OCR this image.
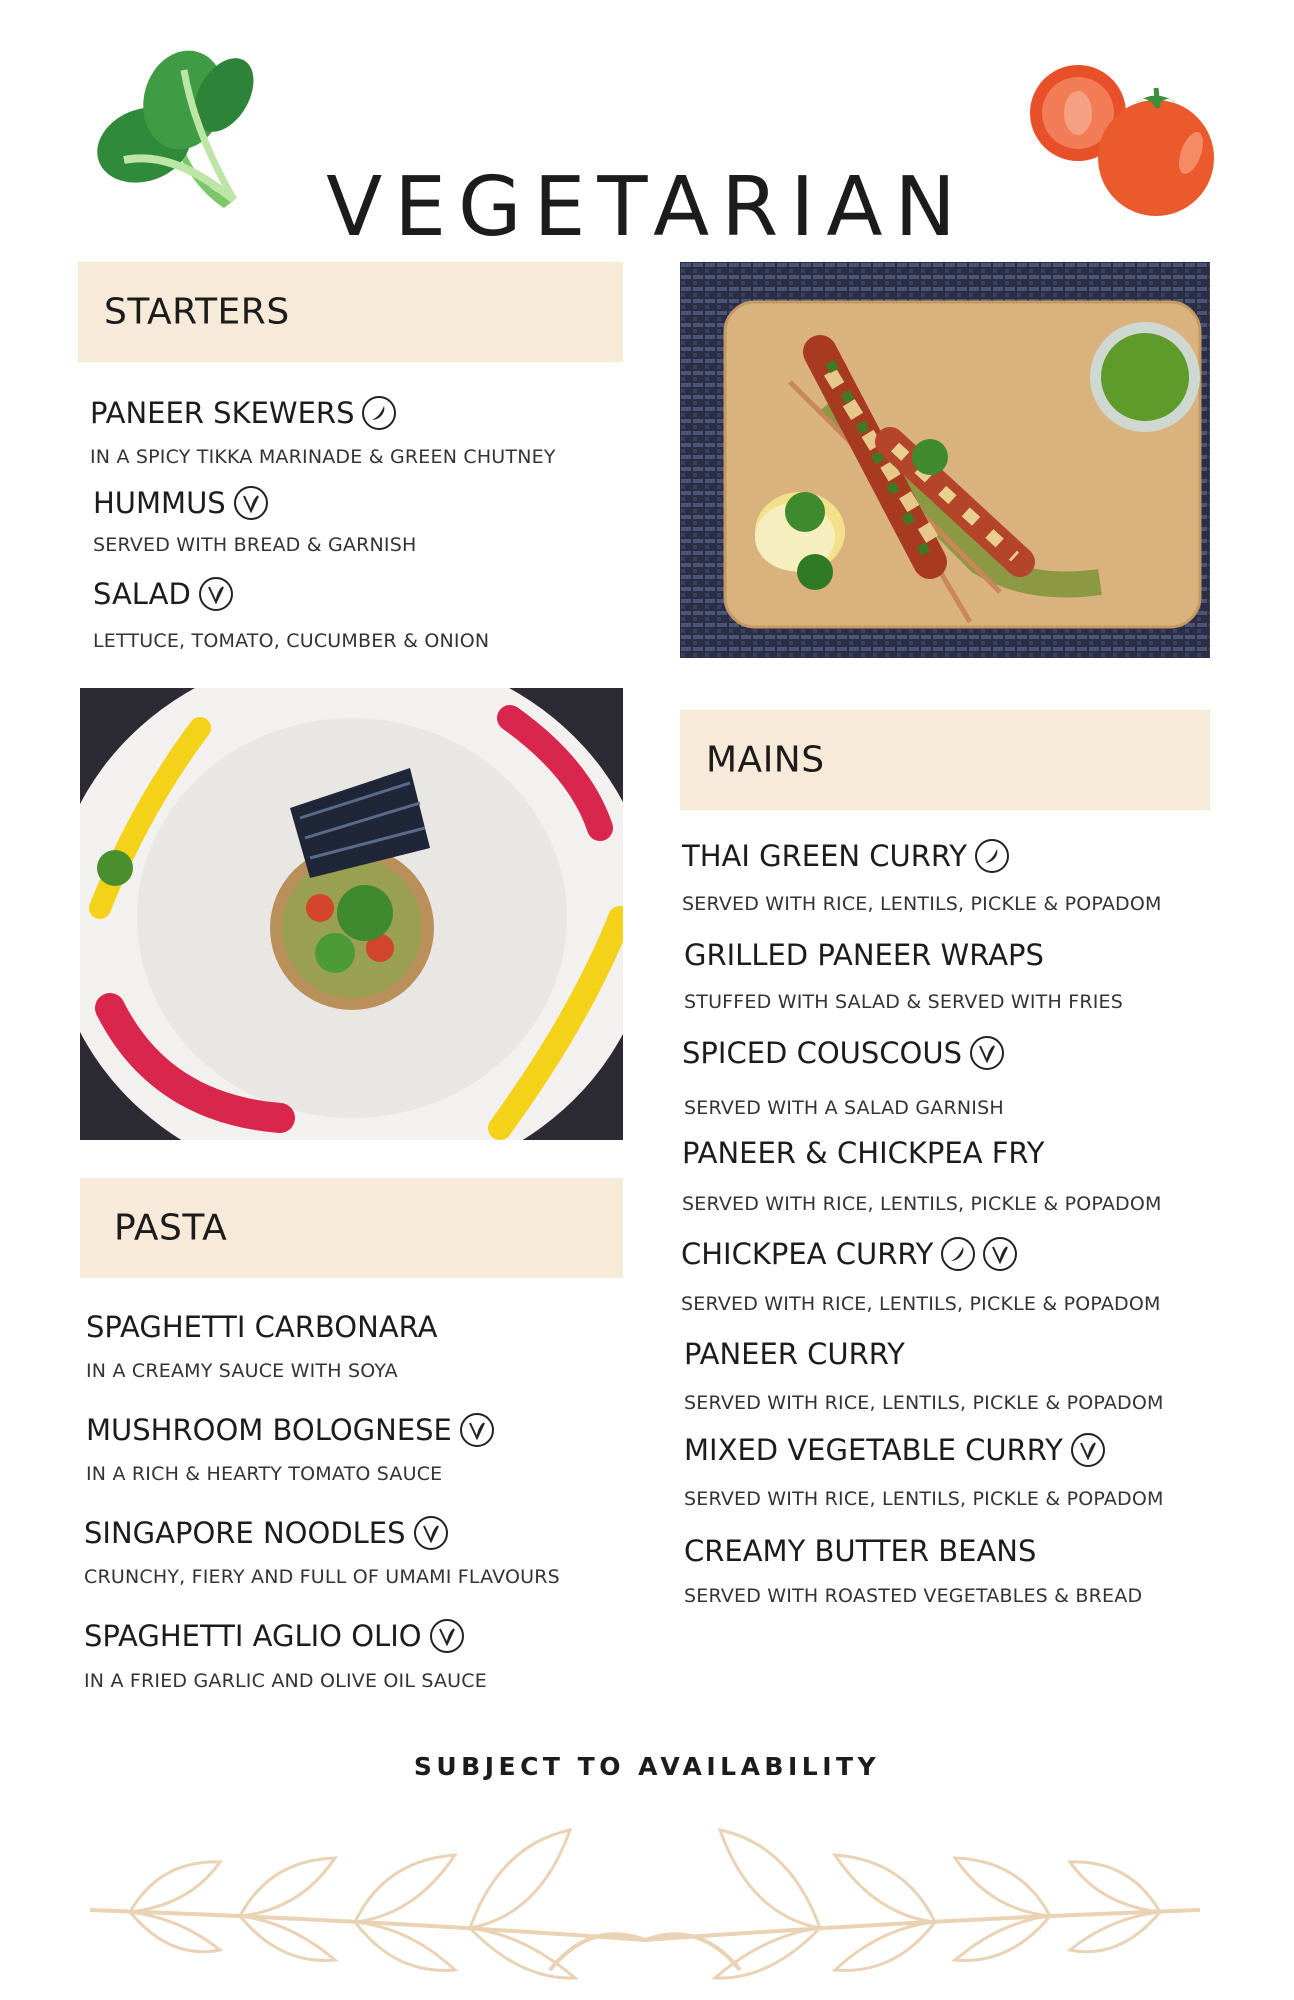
VEGETARIAN
STARTERS
PANEER SKEWERS
IN A SPICY TIKKA MARINADE & GREEN CHUTNEY
HUMMUS
SERVED WITH BREAD & GARNISH
SALAD
LETTUCE, TOMATO, CUCUMBER & ONION
PASTA
SPAGHETTI CARBONARA
IN A CREAMY SAUCE WITH SOYA
MUSHROOM BOLOGNESE
IN A RICH & HEARTY TOMATO SAUCE
SINGAPORE NOODLES
CRUNCHY, FIERY AND FULL OF UMAMI FLAVOURS
SPAGHETTI AGLIO OLIO
IN A FRIED GARLIC AND OLIVE OIL SAUCE
MAINS
THAI GREEN CURRY
SERVED WITH RICE, LENTILS, PICKLE & POPADOM
GRILLED PANEER WRAPS
STUFFED WITH SALAD & SERVED WITH FRIES
SPICED COUSCOUS
SERVED WITH A SALAD GARNISH
PANEER & CHICKPEA FRY
SERVED WITH RICE, LENTILS, PICKLE & POPADOM
CHICKPEA CURRY
SERVED WITH RICE, LENTILS, PICKLE & POPADOM
PANEER CURRY
SERVED WITH RICE, LENTILS, PICKLE & POPADOM
MIXED VEGETABLE CURRY
SERVED WITH RICE, LENTILS, PICKLE & POPADOM
CREAMY BUTTER BEANS
SERVED WITH ROASTED VEGETABLES & BREAD
SUBJECT TO AVAILABILITY
